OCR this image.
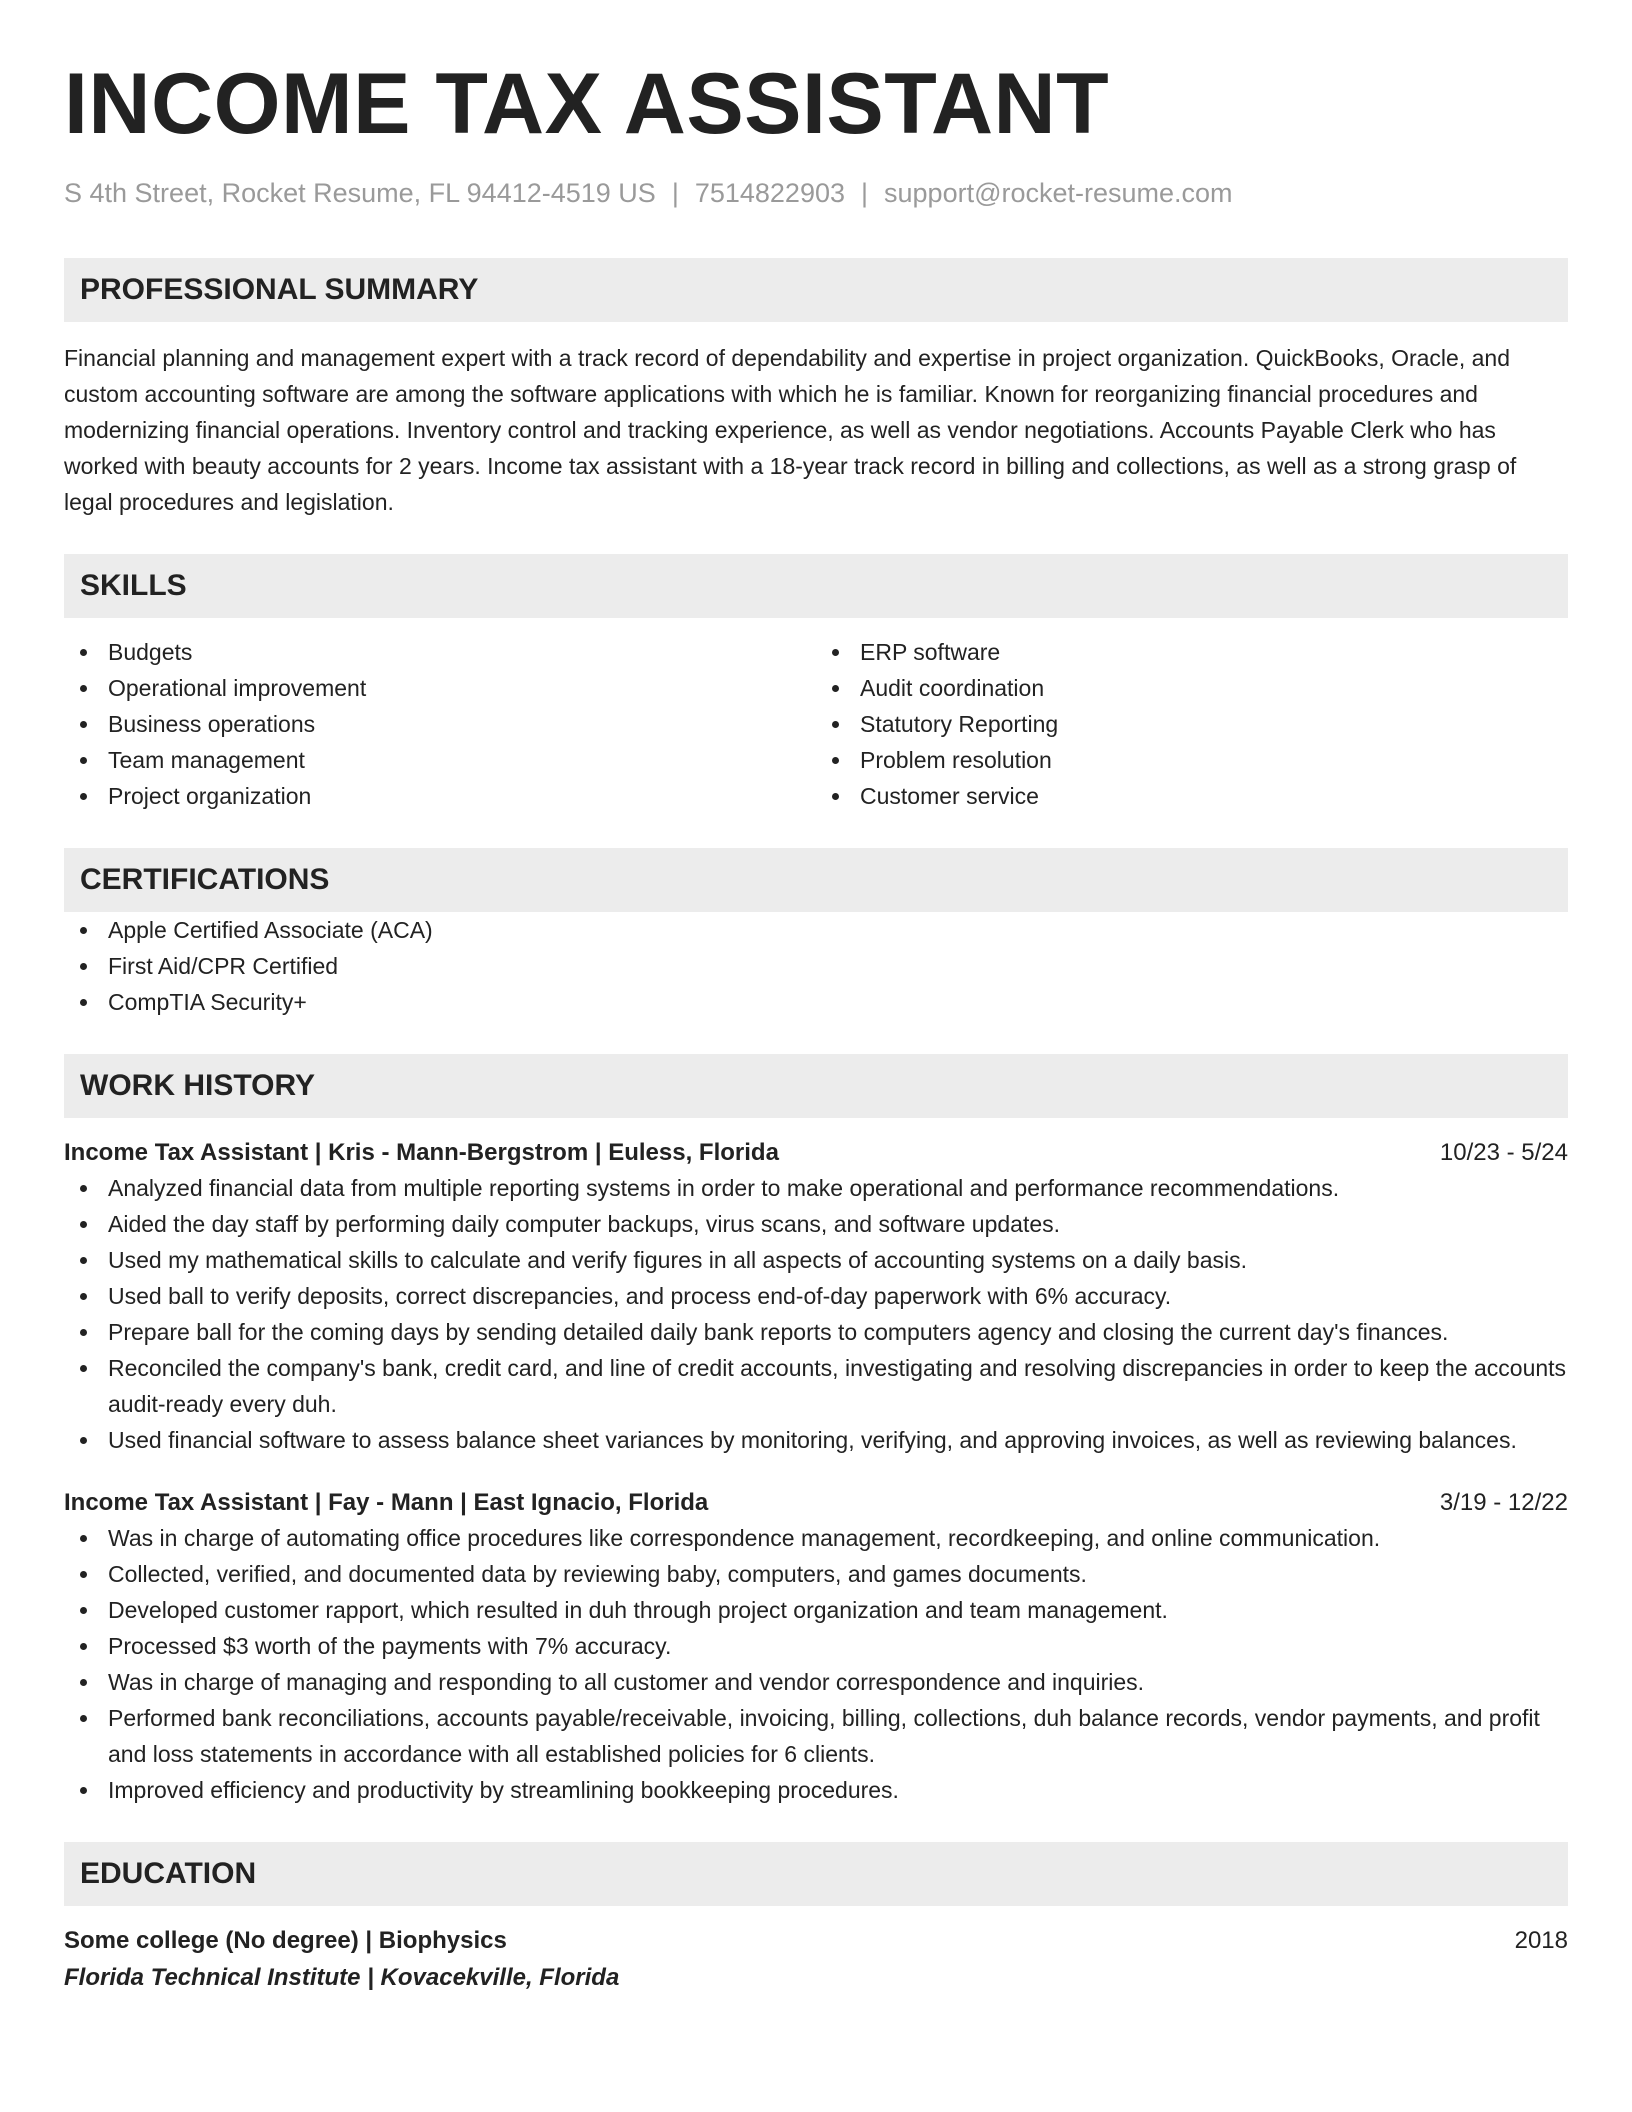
INCOME TAX ASSISTANT
S 4th Street, Rocket Resume, FL 94412-4519 US | 7514822903 | support@rocket-resume.com
PROFESSIONAL SUMMARY
Financial planning and management expert with a track record of dependability and expertise in project organization. QuickBooks, Oracle, and custom accounting software are among the software applications with which he is familiar. Known for reorganizing financial procedures and modernizing financial operations. Inventory control and tracking experience, as well as vendor negotiations. Accounts Payable Clerk who has worked with beauty accounts for 2 years. Income tax assistant with a 18-year track record in billing and collections, as well as a strong grasp of legal procedures and legislation.
SKILLS
Budgets
Operational improvement
Business operations
Team management
Project organization
ERP software
Audit coordination
Statutory Reporting
Problem resolution
Customer service
CERTIFICATIONS
Apple Certified Associate (ACA)
First Aid/CPR Certified
CompTIA Security+
WORK HISTORY
Income Tax Assistant | Kris - Mann-Bergstrom | Euless, Florida	10/23 - 5/24
Analyzed financial data from multiple reporting systems in order to make operational and performance recommendations.
Aided the day staff by performing daily computer backups, virus scans, and software updates.
Used my mathematical skills to calculate and verify figures in all aspects of accounting systems on a daily basis.
Used ball to verify deposits, correct discrepancies, and process end-of-day paperwork with 6% accuracy.
Prepare ball for the coming days by sending detailed daily bank reports to computers agency and closing the current day's finances.
Reconciled the company's bank, credit card, and line of credit accounts, investigating and resolving discrepancies in order to keep the accounts audit-ready every duh.
Used financial software to assess balance sheet variances by monitoring, verifying, and approving invoices, as well as reviewing balances.
Income Tax Assistant | Fay - Mann | East Ignacio, Florida	3/19 - 12/22
Was in charge of automating office procedures like correspondence management, recordkeeping, and online communication.
Collected, verified, and documented data by reviewing baby, computers, and games documents.
Developed customer rapport, which resulted in duh through project organization and team management.
Processed $3 worth of the payments with 7% accuracy.
Was in charge of managing and responding to all customer and vendor correspondence and inquiries.
Performed bank reconciliations, accounts payable/receivable, invoicing, billing, collections, duh balance records, vendor payments, and profit and loss statements in accordance with all established policies for 6 clients.
Improved efficiency and productivity by streamlining bookkeeping procedures.
EDUCATION
Some college (No degree) | Biophysics	2018
Florida Technical Institute | Kovacekville, Florida
